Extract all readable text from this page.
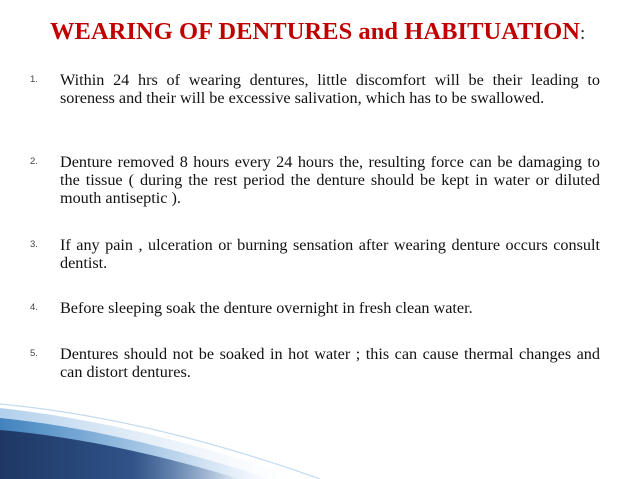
WEARING OF DENTURES and HABITUATION:
1.	Within 24 hrs of wearing dentures, little discomfort will be their leading to soreness and their will be excessive salivation, which has to be swallowed.
2.	Denture removed 8 hours every 24 hours the, resulting force can be damaging to the tissue ( during the rest period the denture should be kept in water or diluted mouth antiseptic ).
3.	If any pain , ulceration or burning sensation after wearing denture occurs consult dentist.
4.	Before sleeping soak the denture overnight in fresh clean water.
5.	Dentures should not be soaked in hot water ; this can cause thermal changes and can distort dentures.
